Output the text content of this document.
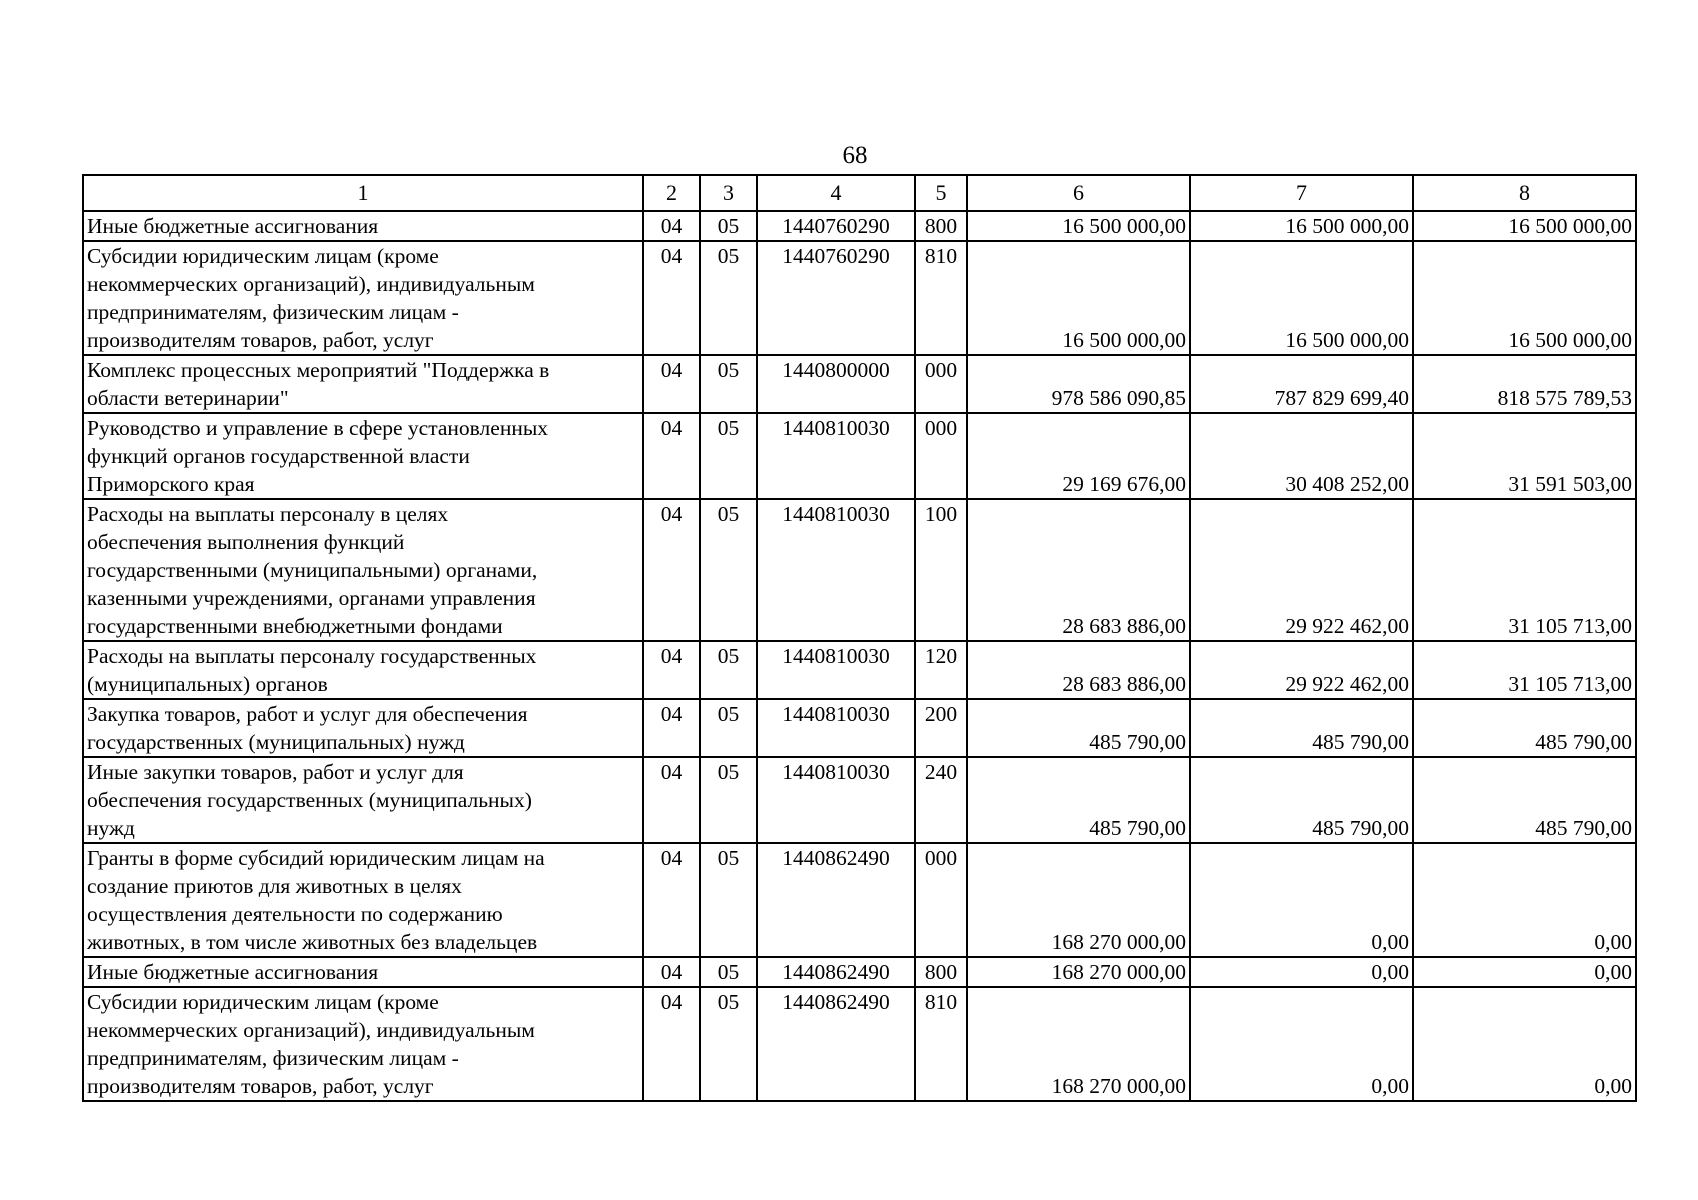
68
1	2	3	4	5	6	7	8

Иные бюджетные ассигнования	04	05	1440760290	800	16 500 000,00	16 500 000,00	16 500 000,00

Субсидии юридическим лицам (кроме
некоммерческих организаций), индивидуальным
предпринимателям, физическим лицам -
производителям товаров, работ, услуг	04	05	1440760290	810	16 500 000,00	16 500 000,00	16 500 000,00

Комплекс процессных мероприятий "Поддержка в
области ветеринарии"	04	05	1440800000	000	978 586 090,85	787 829 699,40	818 575 789,53

Руководство и управление в сфере установленных
функций органов государственной власти
Приморского края	04	05	1440810030	000	29 169 676,00	30 408 252,00	31 591 503,00

Расходы на выплаты персоналу в целях
обеспечения выполнения функций
государственными (муниципальными) органами,
казенными учреждениями, органами управления
государственными внебюджетными фондами	04	05	1440810030	100	28 683 886,00	29 922 462,00	31 105 713,00

Расходы на выплаты персоналу государственных
(муниципальных) органов	04	05	1440810030	120	28 683 886,00	29 922 462,00	31 105 713,00

Закупка товаров, работ и услуг для обеспечения
государственных (муниципальных) нужд	04	05	1440810030	200	485 790,00	485 790,00	485 790,00

Иные закупки товаров, работ и услуг для
обеспечения государственных (муниципальных)
нужд	04	05	1440810030	240	485 790,00	485 790,00	485 790,00

Гранты в форме субсидий юридическим лицам на
создание приютов для животных в целях
осуществления деятельности по содержанию
животных, в том числе животных без владельцев	04	05	1440862490	000	168 270 000,00	0,00	0,00

Иные бюджетные ассигнования	04	05	1440862490	800	168 270 000,00	0,00	0,00

Субсидии юридическим лицам (кроме
некоммерческих организаций), индивидуальным
предпринимателям, физическим лицам -
производителям товаров, работ, услуг	04	05	1440862490	810	168 270 000,00	0,00	0,00
